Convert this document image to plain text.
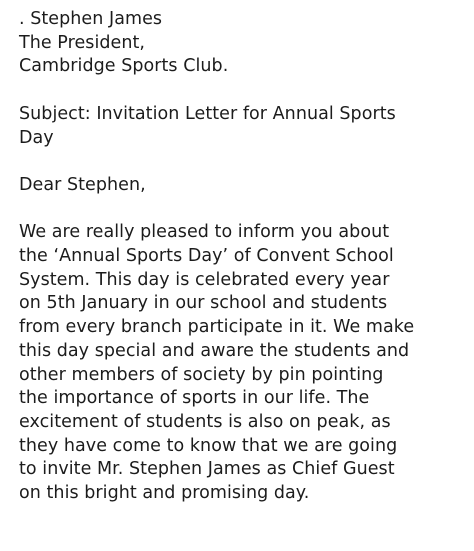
. Stephen James
The President,
Cambridge Sports Club.
Subject: Invitation Letter for Annual Sports
Day
Dear Stephen,
We are really pleased to inform you about
the ‘Annual Sports Day’ of Convent School
System. This day is celebrated every year
on 5th January in our school and students
from every branch participate in it. We make
this day special and aware the students and
other members of society by pin pointing
the importance of sports in our life. The
excitement of students is also on peak, as
they have come to know that we are going
to invite Mr. Stephen James as Chief Guest
on this bright and promising day.
